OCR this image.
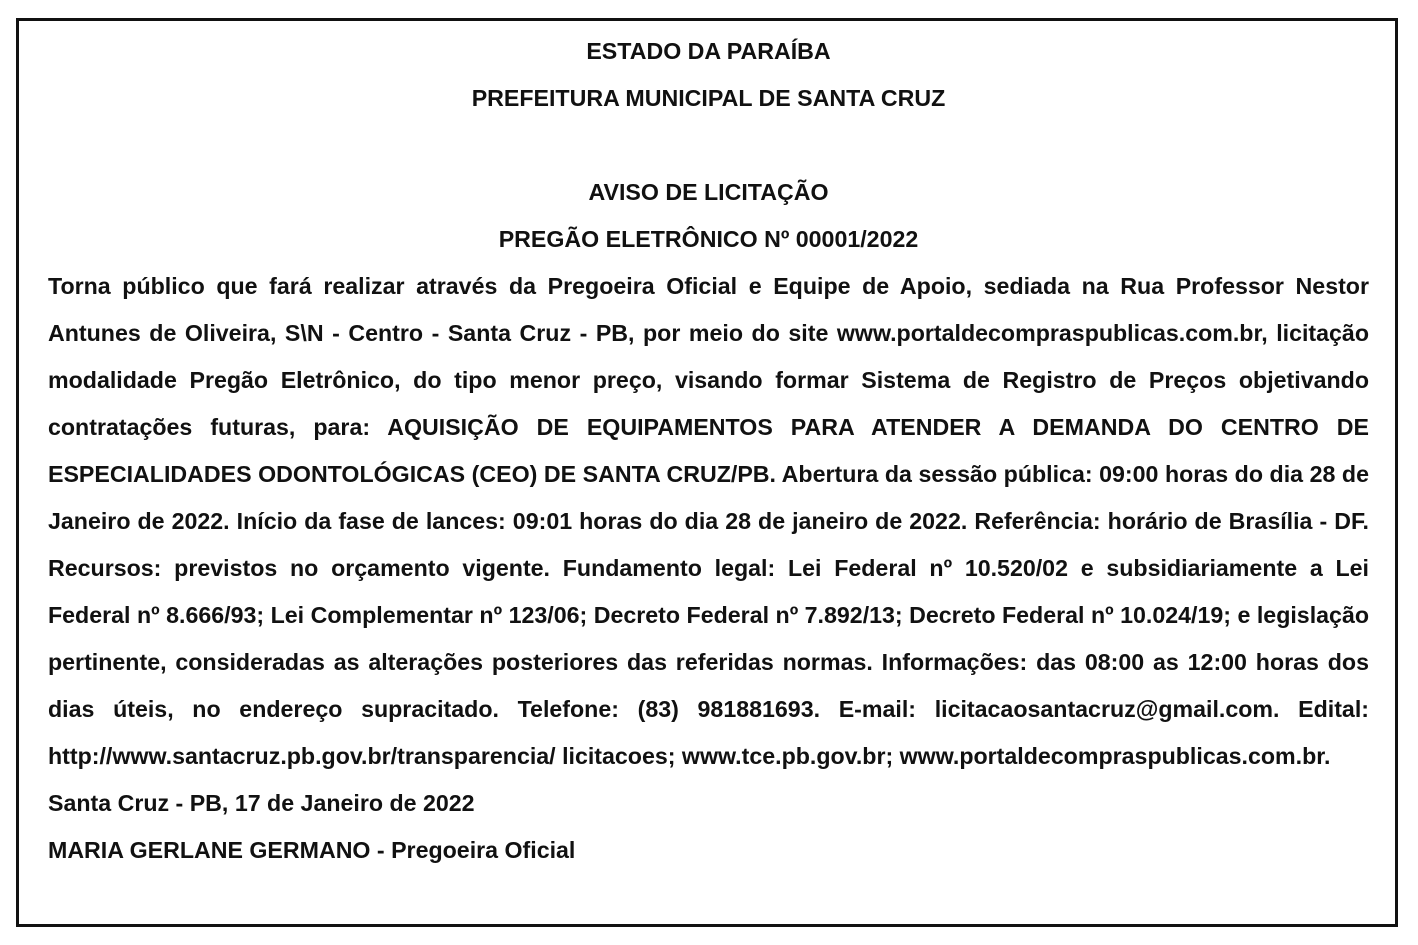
ESTADO DA PARAÍBA
PREFEITURA MUNICIPAL DE SANTA CRUZ
AVISO DE LICITAÇÃO
PREGÃO ELETRÔNICO Nº 00001/2022

Torna público que fará realizar através da Pregoeira Oficial e Equipe de Apoio, sediada na Rua Professor Nestor Antunes de Oliveira, S\N - Centro - Santa Cruz - PB, por meio do site www.portaldecompraspublicas.com.br, licitação modalidade Pregão Eletrônico, do tipo menor preço, visando formar Sistema de Registro de Preços objetivando contratações futuras, para: AQUISIÇÃO DE EQUIPAMENTOS PARA ATENDER A DEMANDA DO CENTRO DE ESPECIALIDADES ODONTOLÓGICAS (CEO) DE SANTA CRUZ/PB. Abertura da sessão pública: 09:00 horas do dia 28 de Janeiro de 2022. Início da fase de lances: 09:01 horas do dia 28 de janeiro de 2022. Referência: horário de Brasília - DF. Recursos: previstos no orçamento vigente. Fundamento legal: Lei Federal nº 10.520/02 e subsidiariamente a Lei Federal nº 8.666/93; Lei Complementar nº 123/06; Decreto Federal nº 7.892/13; Decreto Federal nº 10.024/19; e legislação pertinente, consideradas as alterações posteriores das referidas normas. Informações: das 08:00 as 12:00 horas dos dias úteis, no endereço supracitado. Telefone: (83) 981881693. E-mail: licitacaosantacruz@gmail.com. Edital: http://www.santacruz.pb.gov.br/transparencia/ licitacoes; www.tce.pb.gov.br; www.portaldecompraspublicas.com.br.

Santa Cruz - PB, 17 de Janeiro de 2022
MARIA GERLANE GERMANO - Pregoeira Oficial
